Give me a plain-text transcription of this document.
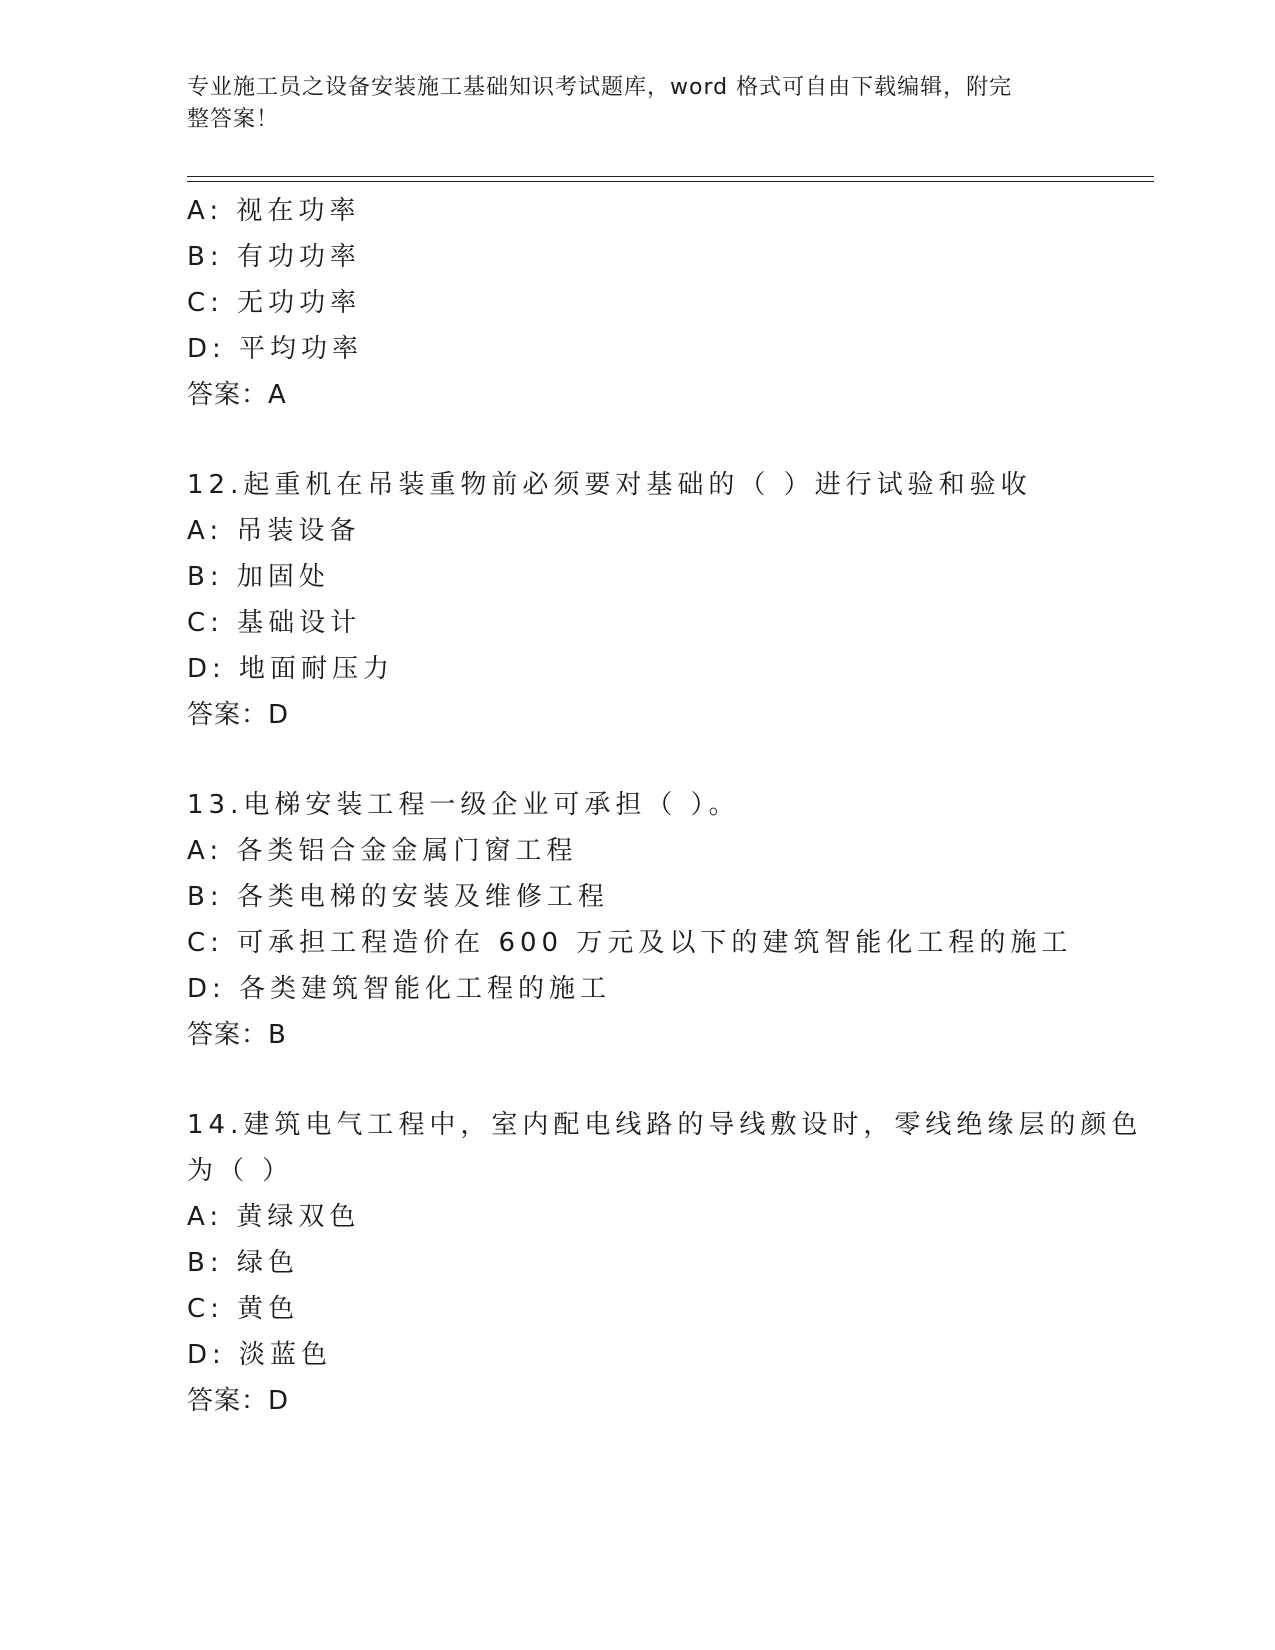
专业施工员之设备安装施工基础知识考试题库，word 格式可自由下载编辑，附完
整答案！
A: 视在功率
B: 有功功率
C: 无功功率
D: 平均功率
答案：A
12.起重机在吊装重物前必须要对基础的（ ）进行试验和验收
A: 吊装设备
B: 加固处
C: 基础设计
D: 地面耐压力
答案：D
13.电梯安装工程一级企业可承担（ ）。
A: 各类铝合金金属门窗工程
B: 各类电梯的安装及维修工程
C: 可承担工程造价在 600 万元及以下的建筑智能化工程的施工
D: 各类建筑智能化工程的施工
答案：B
14.建筑电气工程中，室内配电线路的导线敷设时，零线绝缘层的颜色
为（ ）
A: 黄绿双色
B: 绿色
C: 黄色
D: 淡蓝色
答案：D
